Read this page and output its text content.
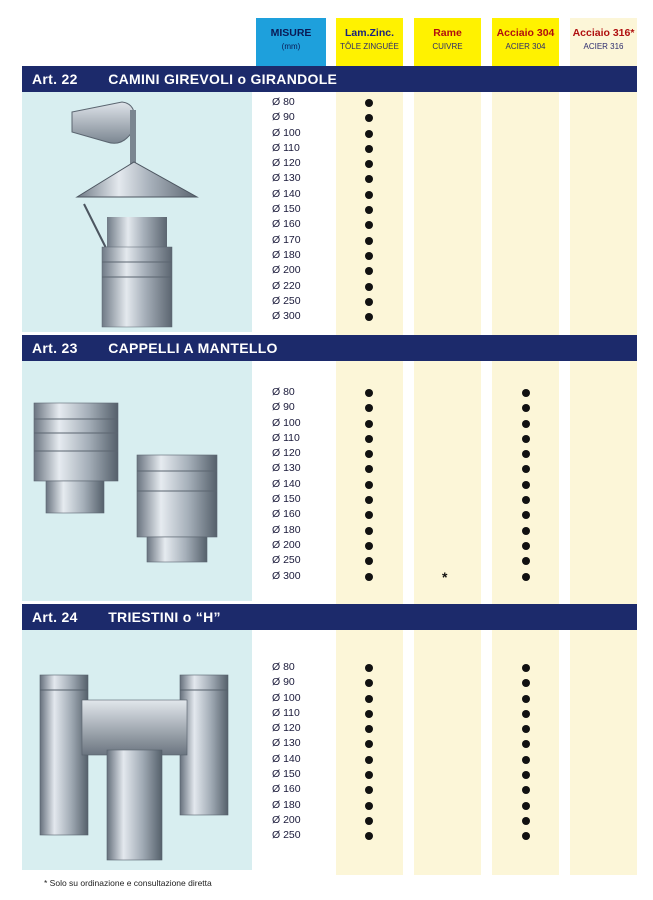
MISURE
(mm)
Lam.Zinc.
TÔLE ZINGUÉE
Rame
CUIVRE
Acciaio 304
ACIER 304
Acciaio 316*
ACIER 316
Art. 22 CAMINI GIREVOLI o GIRANDOLE
Ø 80
Ø 90
Ø 100
Ø 110
Ø 120
Ø 130
Ø 140
Ø 150
Ø 160
Ø 170
Ø 180
Ø 200
Ø 220
Ø 250
Ø 300
Art. 23 CAPPELLI A MANTELLO
Ø 80
Ø 90
Ø 100
Ø 110
Ø 120
Ø 130
Ø 140
Ø 150
Ø 160
Ø 180
Ø 200
Ø 250
Ø 300	*
Art. 24 TRIESTINI o “H”
Ø 80
Ø 90
Ø 100
Ø 110
Ø 120
Ø 130
Ø 140
Ø 150
Ø 160
Ø 180
Ø 200
Ø 250
* Solo su ordinazione e consultazione diretta
